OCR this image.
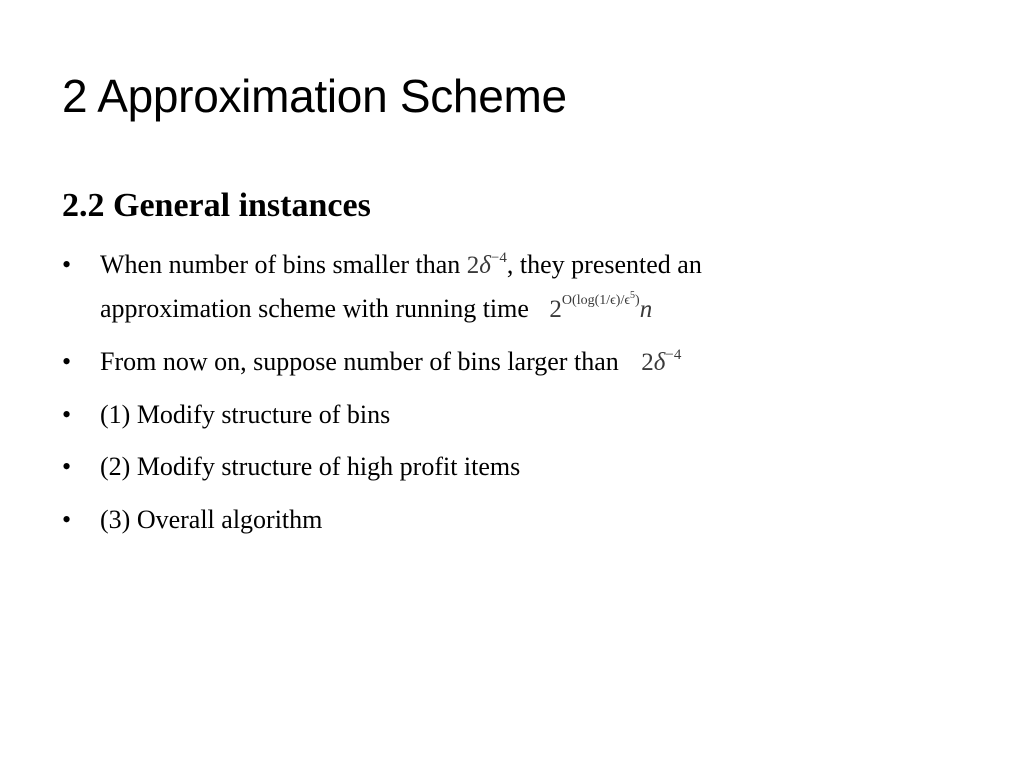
2 Approximation Scheme
2.2 General instances
• When number of bins smaller than $2\delta^{-4}$, they presented an
approximation scheme with running time $2^{O(log(1/\epsilon)/\epsilon^5)}n$
• From now on, suppose number of bins larger than $2\delta^{-4}$
• (1) Modify structure of bins
• (2) Modify structure of high profit items
• (3) Overall algorithm
